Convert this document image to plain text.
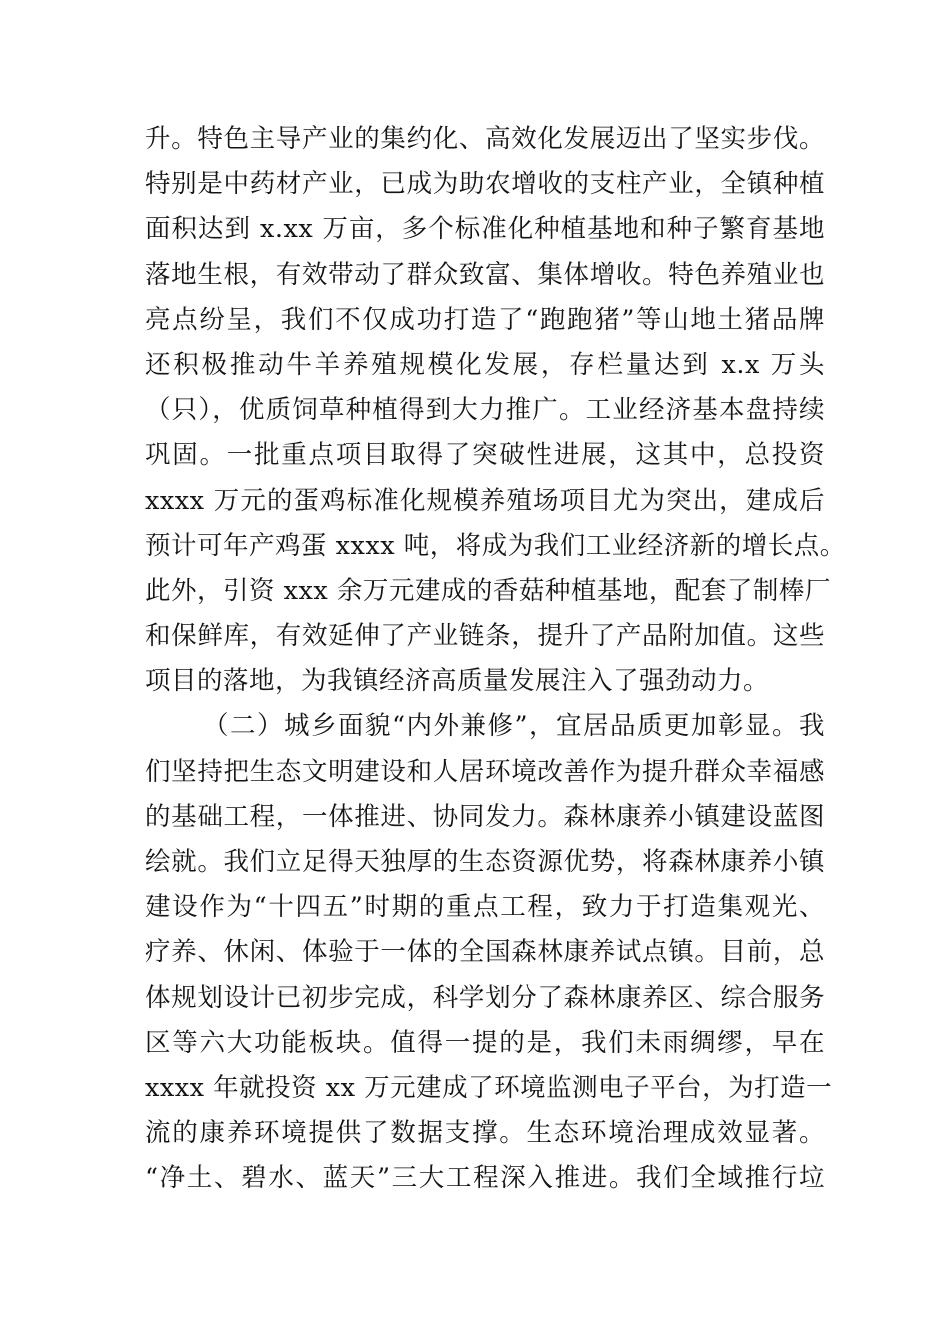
升。特色主导产业的集约化、高效化发展迈出了坚实步伐。
特别是中药材产业，已成为助农增收的支柱产业，全镇种植
面积达到 x.xx 万亩，多个标准化种植基地和种子繁育基地
落地生根，有效带动了群众致富、集体增收。特色养殖业也
亮点纷呈，我们不仅成功打造了“跑跑猪”等山地土猪品牌
还积极推动牛羊养殖规模化发展，存栏量达到 x.x 万头
（只），优质饲草种植得到大力推广。工业经济基本盘持续
巩固。一批重点项目取得了突破性进展，这其中，总投资
xxxx 万元的蛋鸡标准化规模养殖场项目尤为突出，建成后
预计可年产鸡蛋 xxxx 吨，将成为我们工业经济新的增长点。
此外，引资 xxx 余万元建成的香菇种植基地，配套了制棒厂
和保鲜库，有效延伸了产业链条，提升了产品附加值。这些
项目的落地，为我镇经济高质量发展注入了强劲动力。
（二）城乡面貌“内外兼修”，宜居品质更加彰显。我
们坚持把生态文明建设和人居环境改善作为提升群众幸福感
的基础工程，一体推进、协同发力。森林康养小镇建设蓝图
绘就。我们立足得天独厚的生态资源优势，将森林康养小镇
建设作为“十四五”时期的重点工程，致力于打造集观光、
疗养、休闲、体验于一体的全国森林康养试点镇。目前，总
体规划设计已初步完成，科学划分了森林康养区、综合服务
区等六大功能板块。值得一提的是，我们未雨绸缪，早在
xxxx 年就投资 xx 万元建成了环境监测电子平台，为打造一
流的康养环境提供了数据支撑。生态环境治理成效显著。
“净土、碧水、蓝天”三大工程深入推进。我们全域推行垃
